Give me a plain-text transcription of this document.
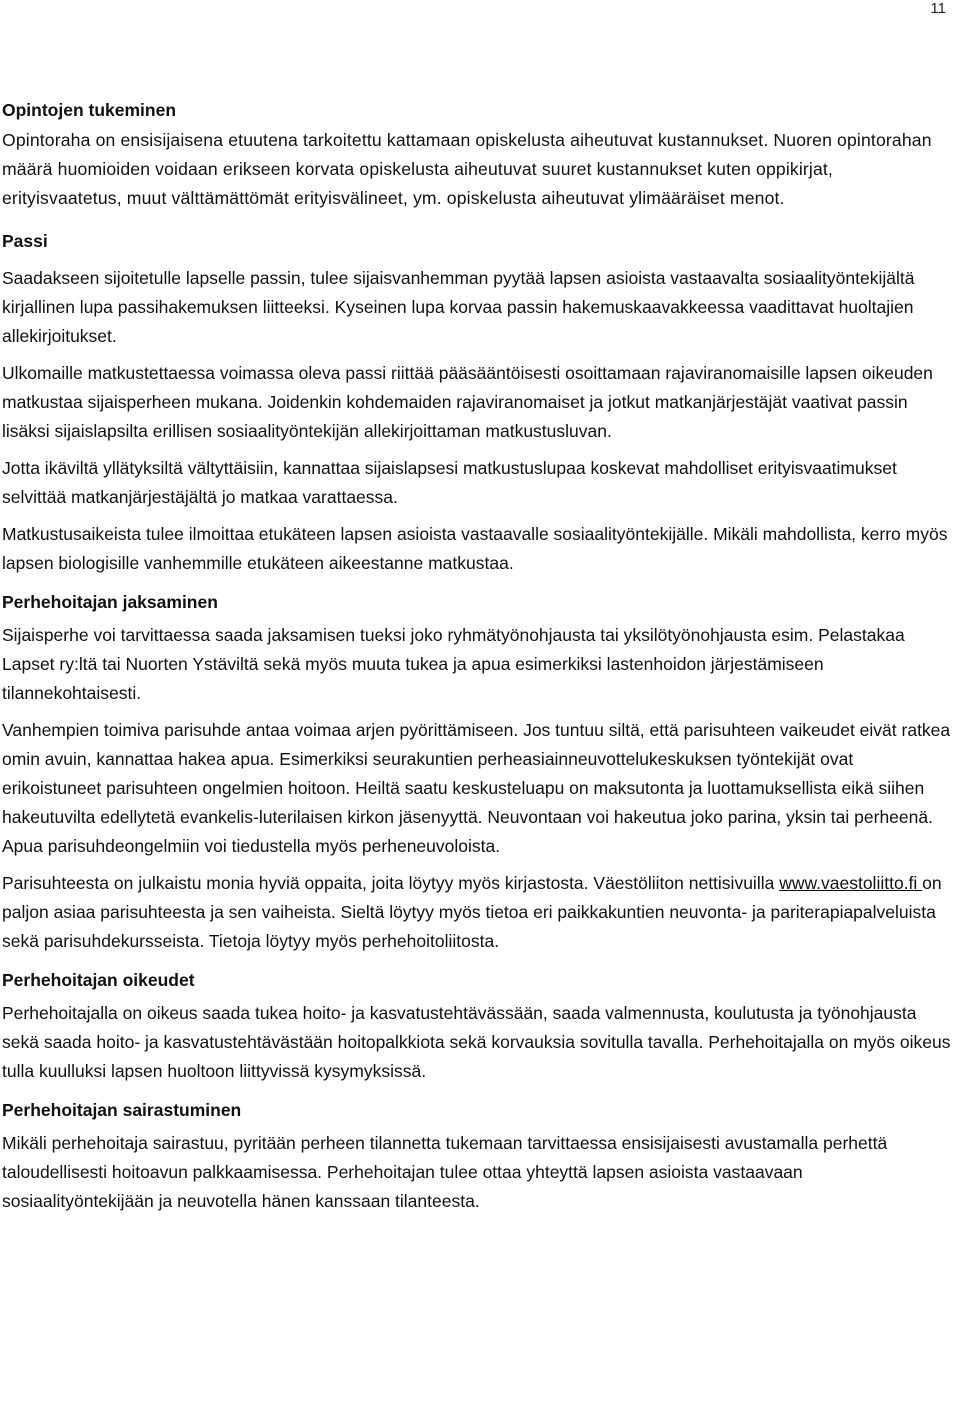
11
Opintojen tukeminen

Opintoraha on ensisijaisena etuutena tarkoitettu kattamaan opiskelusta aiheutuvat kustannukset. Nuoren opintorahan määrä huomioiden voidaan erikseen korvata opiskelusta aiheutuvat suuret kustannukset kuten oppikirjat, erityisvaatetus, muut välttämättömät erityisvälineet, ym. opiskelusta aiheutuvat ylimääräiset menot.

Passi

Saadakseen sijoitetulle lapselle passin, tulee sijaisvanhemman pyytää lapsen asioista vastaavalta sosiaalityöntekijältä kirjallinen lupa passihakemuksen liitteeksi. Kyseinen lupa korvaa passin hakemuskaavakkeessa vaadittavat huoltajien allekirjoitukset.

Ulkomaille matkustettaessa voimassa oleva passi riittää pääsääntöisesti osoittamaan rajaviranomaisille lapsen oikeuden matkustaa sijaisperheen mukana. Joidenkin kohdemaiden rajaviranomaiset ja jotkut matkanjärjestäjät vaativat passin lisäksi sijaislapsilta erillisen sosiaalityöntekijän allekirjoittaman matkustusluvan.

Jotta ikäviltä yllätyksiltä vältyttäisiin, kannattaa sijaislapsesi matkustuslupaa koskevat mahdolliset erityisvaatimukset selvittää matkanjärjestäjältä jo matkaa varattaessa.

Matkustusaikeista tulee ilmoittaa etukäteen lapsen asioista vastaavalle sosiaalityöntekijälle. Mikäli mahdollista, kerro myös lapsen biologisille vanhemmille etukäteen aikeestanne matkustaa.

Perhehoitajan jaksaminen

Sijaisperhe voi tarvittaessa saada jaksamisen tueksi joko ryhmätyönohjausta tai yksilötyönohjausta esim. Pelastakaa Lapset ry:ltä tai Nuorten Ystäviltä sekä myös muuta tukea ja apua esimerkiksi lastenhoidon järjestämiseen tilannekohtaisesti.

Vanhempien toimiva parisuhde antaa voimaa arjen pyörittämiseen. Jos tuntuu siltä, että parisuhteen vaikeudet eivät ratkea omin avuin, kannattaa hakea apua. Esimerkiksi seurakuntien perheasiainneuvottelukeskuksen työntekijät ovat erikoistuneet parisuhteen ongelmien hoitoon. Heiltä saatu keskusteluapu on maksutonta ja luottamuksellista eikä siihen hakeutuvilta edellytetä evankelis-luterilaisen kirkon jäsenyyttä. Neuvontaan voi hakeutua joko parina, yksin tai perheenä. Apua parisuhdeongelmiin voi tiedustella myös perheneuvoloista.

Parisuhteesta on julkaistu monia hyviä oppaita, joita löytyy myös kirjastosta. Väestöliiton nettisivuilla www.vaestoliitto.fi on paljon asiaa parisuhteesta ja sen vaiheista. Sieltä löytyy myös tietoa eri paikkakuntien neuvonta- ja pariterapiapalveluista sekä parisuhdekursseista. Tietoja löytyy myös perhehoitoliitosta.

Perhehoitajan oikeudet

Perhehoitajalla on oikeus saada tukea hoito- ja kasvatustehtävässään, saada valmennusta, koulutusta ja työnohjausta sekä saada hoito- ja kasvatustehtävästään hoitopalkkiota sekä korvauksia sovitulla tavalla. Perhehoitajalla on myös oikeus tulla kuulluksi lapsen huoltoon liittyvissä kysymyksissä.

Perhehoitajan sairastuminen

Mikäli perhehoitaja sairastuu, pyritään perheen tilannetta tukemaan tarvittaessa ensisijaisesti avustamalla perhettä taloudellisesti hoitoavun palkkaamisessa. Perhehoitajan tulee ottaa yhteyttä lapsen asioista vastaavaan sosiaalityöntekijään ja neuvotella hänen kanssaan tilanteesta.
